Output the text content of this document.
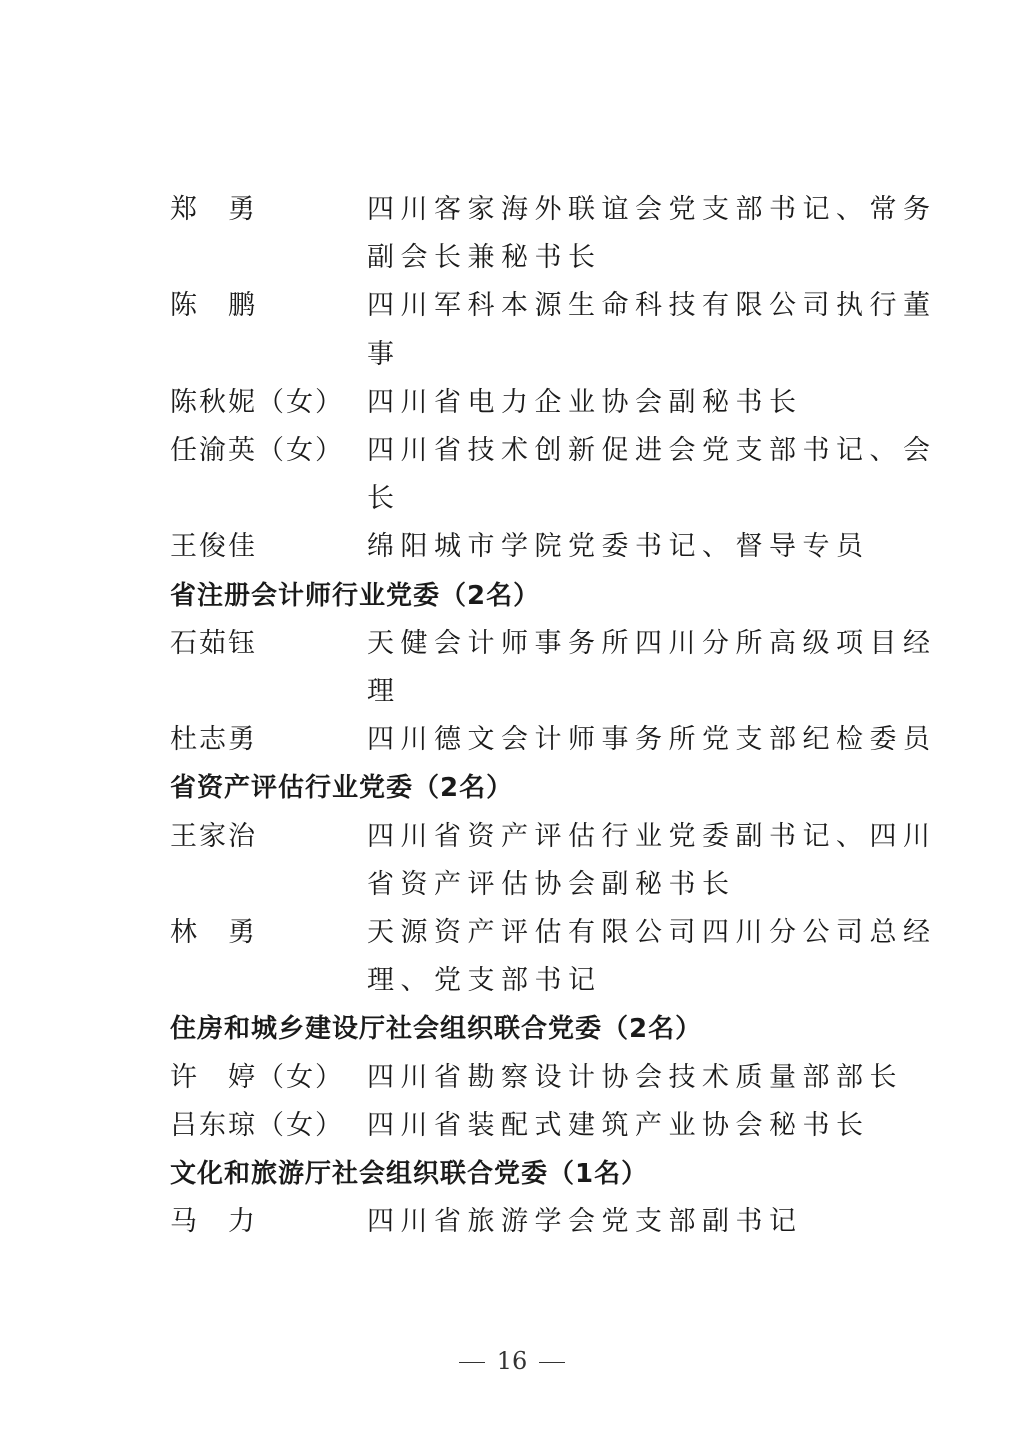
郑　勇	四川客家海外联谊会党支部书记、常务
副会长兼秘书长
陈　鹏	四川军科本源生命科技有限公司执行董
事
陈秋妮（女） 四川省电力企业协会副秘书长
任渝英（女） 四川省技术创新促进会党支部书记、会
长
王俊佳	绵阳城市学院党委书记、督导专员
省注册会计师行业党委（2名）
石茹钰	天健会计师事务所四川分所高级项目经
理
杜志勇	四川德文会计师事务所党支部纪检委员
省资产评估行业党委（2名）
王家治	四川省资产评估行业党委副书记、四川
省资产评估协会副秘书长
林　勇	天源资产评估有限公司四川分公司总经
理、党支部书记
住房和城乡建设厅社会组织联合党委（2名）
许　婷（女） 四川省勘察设计协会技术质量部部长
吕东琼（女） 四川省装配式建筑产业协会秘书长
文化和旅游厅社会组织联合党委（1名）
马　力	四川省旅游学会党支部副书记
16
